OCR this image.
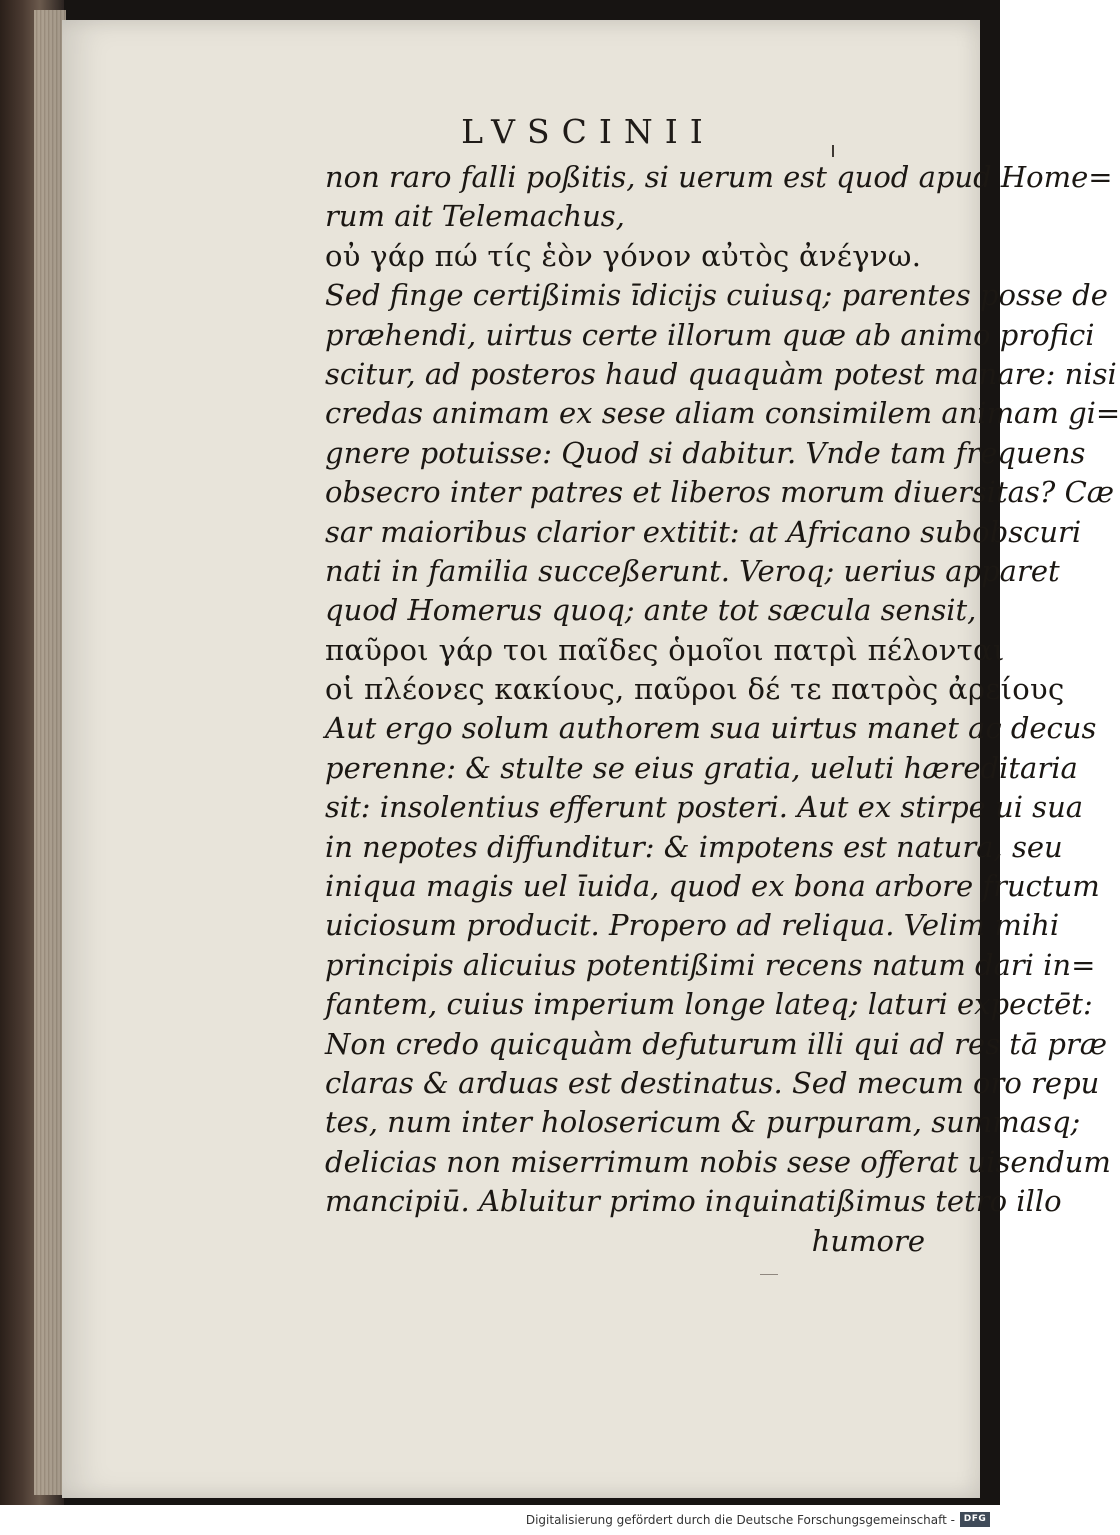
LVSCINII
non raro falli poßitis, si uerum est quod apud Home=
rum ait Telemachus,
οὐ γάρ πώ τίς ἑὸν γόνον αὐτὸς ἀνέγνω.
Sed finge certißimis īdicijs cuiusq; parentes posse de
præhendi, uirtus certe illorum quæ ab animo profici
scitur, ad posteros haud quaquàm potest manare: nisi
credas animam ex sese aliam consimilem animam gi=
gnere potuisse: Quod si dabitur. Vnde tam frequens
obsecro inter patres et liberos morum diuersitas? Cæ
sar maioribus clarior extitit: at Africano subobscuri
nati in familia succeßerunt. Veroq; uerius apparet
quod Homerus quoq; ante tot sæcula sensit,
παῦροι γάρ τοι παῖδες ὁμοῖοι πατρὶ πέλονται
οἱ πλέονες κακίους, παῦροι δέ τε πατρὸς ἀρείους
Aut ergo solum authorem sua uirtus manet ac decus
perenne: & stulte se eius gratia, ueluti hæreditaria
sit: insolentius efferunt posteri. Aut ex stirpe ui sua
in nepotes diffunditur: & impotens est natura, seu
iniqua magis uel īuida, quod ex bona arbore fructum
uiciosum producit. Propero ad reliqua. Velim mihi
principis alicuius potentißimi recens natum dari in=
fantem, cuius imperium longe lateq; laturi expectēt:
Non credo quicquàm defuturum illi qui ad res tā præ
claras & arduas est destinatus. Sed mecum oro repu
tes, num inter holosericum & purpuram, summasq;
delicias non miserrimum nobis sese offerat uisendum
mancipiū. Abluitur primo inquinatißimus tetro illo
humore
Digitalisierung gefördert durch die Deutsche Forschungsgemeinschaft - DFG
